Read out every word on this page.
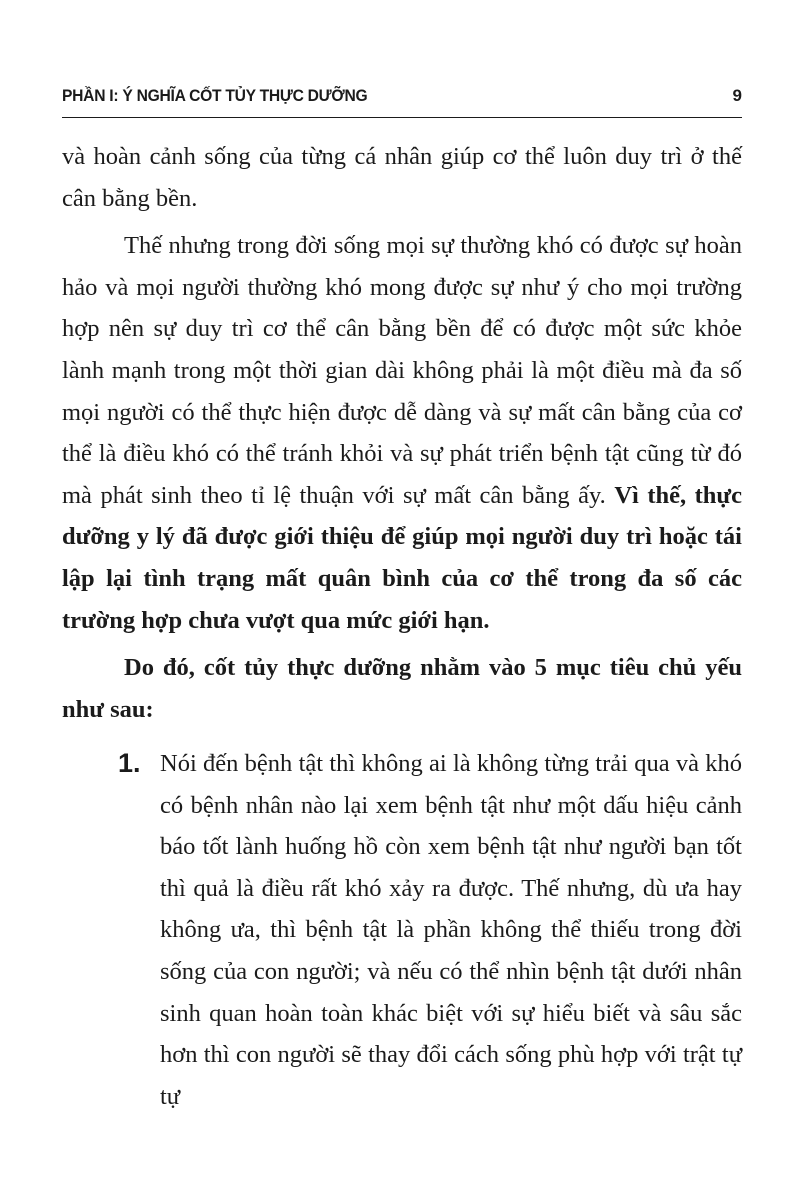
PHẦN I: Ý NGHĨA CỐT TỦY THỰC DƯỠNG	9

và hoàn cảnh sống của từng cá nhân giúp cơ thể luôn duy trì ở thế cân bằng bền.

Thế nhưng trong đời sống mọi sự thường khó có được sự hoàn hảo và mọi người thường khó mong được sự như ý cho mọi trường hợp nên sự duy trì cơ thể cân bằng bền để có được một sức khỏe lành mạnh trong một thời gian dài không phải là một điều mà đa số mọi người có thể thực hiện được dễ dàng và sự mất cân bằng của cơ thể là điều khó có thể tránh khỏi và sự phát triển bệnh tật cũng từ đó mà phát sinh theo tỉ lệ thuận với sự mất cân bằng ấy. Vì thế, thực dưỡng y lý đã được giới thiệu để giúp mọi người duy trì hoặc tái lập lại tình trạng mất quân bình của cơ thể trong đa số các trường hợp chưa vượt qua mức giới hạn.

Do đó, cốt tủy thực dưỡng nhằm vào 5 mục tiêu chủ yếu như sau:

1. Nói đến bệnh tật thì không ai là không từng trải qua và khó có bệnh nhân nào lại xem bệnh tật như một dấu hiệu cảnh báo tốt lành huống hồ còn xem bệnh tật như người bạn tốt thì quả là điều rất khó xảy ra được. Thế nhưng, dù ưa hay không ưa, thì bệnh tật là phần không thể thiếu trong đời sống của con người; và nếu có thể nhìn bệnh tật dưới nhân sinh quan hoàn toàn khác biệt với sự hiểu biết và sâu sắc hơn thì con người sẽ thay đổi cách sống phù hợp với trật tự tự
